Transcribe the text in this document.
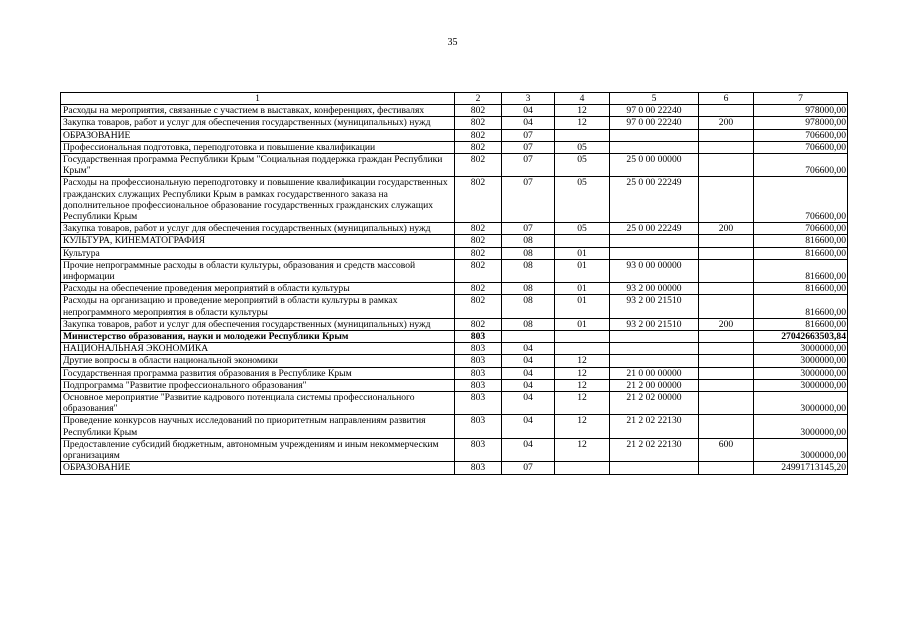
35
1	2	3	4	5	6	7
Расходы на мероприятия, связанные с участием в выставках, конференциях, фестивалях	802	04	12	97 0 00 22240		978000,00
Закупка товаров, работ и услуг для обеспечения государственных (муниципальных) нужд	802	04	12	97 0 00 22240	200	978000,00
ОБРАЗОВАНИЕ	802	07				706600,00
Профессиональная подготовка, переподготовка и повышение квалификации	802	07	05			706600,00
Государственная программа Республики Крым "Социальная поддержка граждан Республики Крым"	802	07	05	25 0 00 00000		706600,00
Расходы на профессиональную переподготовку и повышение квалификации государственных гражданских служащих Республики Крым в рамках государственного заказа на дополнительное профессиональное образование государственных гражданских служащих Республики Крым	802	07	05	25 0 00 22249		706600,00
Закупка товаров, работ и услуг для обеспечения государственных (муниципальных) нужд	802	07	05	25 0 00 22249	200	706600,00
КУЛЬТУРА, КИНЕМАТОГРАФИЯ	802	08				816600,00
Культура	802	08	01			816600,00
Прочие непрограммные расходы в области культуры, образования и средств массовой информации	802	08	01	93 0 00 00000		816600,00
Расходы на обеспечение проведения мероприятий в области культуры	802	08	01	93 2 00 00000		816600,00
Расходы на организацию и проведение мероприятий в области культуры в рамках непрограммного мероприятия в области культуры	802	08	01	93 2 00 21510		816600,00
Закупка товаров, работ и услуг для обеспечения государственных (муниципальных) нужд	802	08	01	93 2 00 21510	200	816600,00
Министерство образования, науки и молодежи Республики Крым	803					27042663503,84
НАЦИОНАЛЬНАЯ ЭКОНОМИКА	803	04				3000000,00
Другие вопросы в области национальной экономики	803	04	12			3000000,00
Государственная программа развития образования в Республике Крым	803	04	12	21 0 00 00000		3000000,00
Подпрограмма "Развитие профессионального образования"	803	04	12	21 2 00 00000		3000000,00
Основное мероприятие "Развитие кадрового потенциала системы профессионального образования"	803	04	12	21 2 02 00000		3000000,00
Проведение конкурсов научных исследований по приоритетным направлениям развития Республики Крым	803	04	12	21 2 02 22130		3000000,00
Предоставление субсидий бюджетным, автономным учреждениям и иным некоммерческим организациям	803	04	12	21 2 02 22130	600	3000000,00
ОБРАЗОВАНИЕ	803	07				24991713145,20
